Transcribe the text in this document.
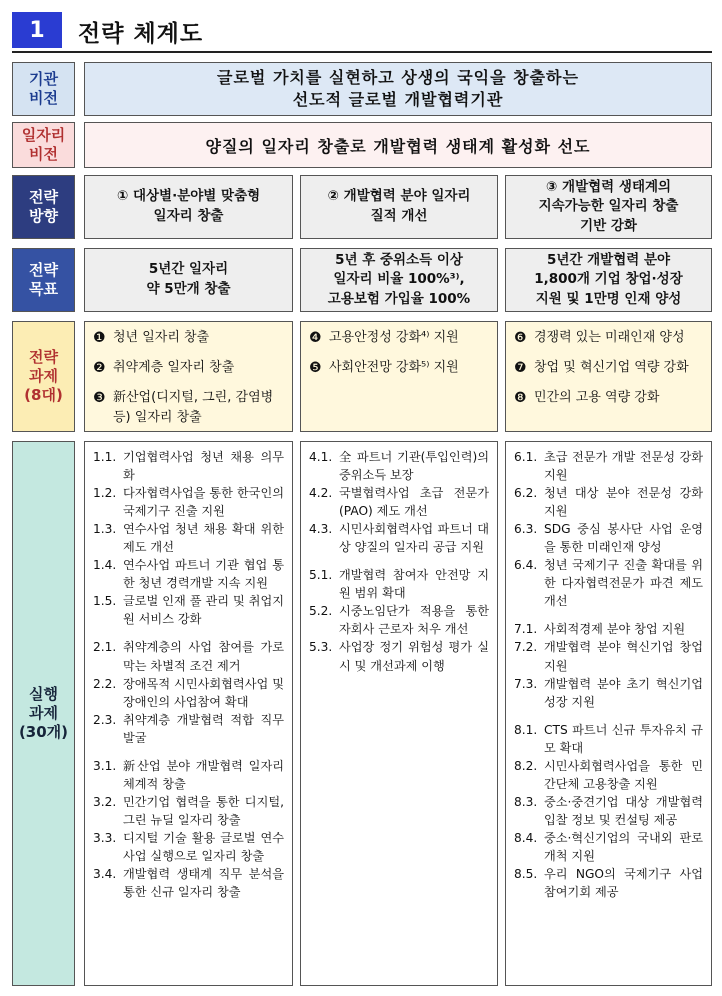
1	전략 체계도
기관
비전
글로벌 가치를 실현하고 상생의 국익을 창출하는
선도적 글로벌 개발협력기관
일자리
비전	양질의 일자리 창출로 개발협력 생태계 활성화 선도
전략
방향
① 대상별·분야별 맞춤형
일자리 창출
② 개발협력 분야 일자리
질적 개선
③ 개발협력 생태계의
지속가능한 일자리 창출
기반 강화
전략
목표
5년간 일자리
약 5만개 창출
5년 후 중위소득 이상
일자리 비율 100%³⁾,
고용보험 가입율 100%
5년간 개발협력 분야
1,800개 기업 창업·성장
지원 및 1만명 인재 양성
전략
과제
(8대)
❶ 청년 일자리 창출
❷ 취약계층 일자리 창출
❸ 新산업(디지털, 그린, 감염병 등) 일자리 창출
❹ 고용안정성 강화⁴⁾ 지원
❺ 사회안전망 강화⁵⁾ 지원
❻ 경쟁력 있는 미래인재 양성
❼ 창업 및 혁신기업 역량 강화
❽ 민간의 고용 역량 강화
실행
과제
(30개)
1.1. 기업협력사업 청년 채용 의무화
1.2. 다자협력사업을 통한 한국인의 국제기구 진출 지원
1.3. 연수사업 청년 채용 확대 위한 제도 개선
1.4. 연수사업 파트너 기관 협업 통한 청년 경력개발 지속 지원
1.5. 글로벌 인재 풀 관리 및 취업지원 서비스 강화
2.1. 취약계층의 사업 참여를 가로막는 차별적 조건 제거
2.2. 장애목적 시민사회협력사업 및 장애인의 사업참여 확대
2.3. 취약계층 개발협력 적합 직무 발굴
3.1. 新산업 분야 개발협력 일자리 체계적 창출
3.2. 민간기업 협력을 통한 디지털, 그린 뉴딜 일자리 창출
3.3. 디지털 기술 활용 글로벌 연수사업 실행으로 일자리 창출
3.4. 개발협력 생태계 직무 분석을 통한 신규 일자리 창출
4.1. 全 파트너 기관(투입인력)의 중위소득 보장
4.2. 국별협력사업 초급 전문가(PAO) 제도 개선
4.3. 시민사회협력사업 파트너 대상 양질의 일자리 공급 지원
5.1. 개발협력 참여자 안전망 지원 범위 확대
5.2. 시중노임단가 적용을 통한 자회사 근로자 처우 개선
5.3. 사업장 정기 위험성 평가 실시 및 개선과제 이행
6.1. 초급 전문가 개발 전문성 강화 지원
6.2. 청년 대상 분야 전문성 강화 지원
6.3. SDG 중심 봉사단 사업 운영을 통한 미래인재 양성
6.4. 청년 국제기구 진출 확대를 위한 다자협력전문가 파견 제도 개선
7.1. 사회적경제 분야 창업 지원
7.2. 개발협력 분야 혁신기업 창업 지원
7.3. 개발협력 분야 초기 혁신기업 성장 지원
8.1. CTS 파트너 신규 투자유치 규모 확대
8.2. 시민사회협력사업을 통한 민간단체 고용창출 지원
8.3. 중소·중견기업 대상 개발협력 입찰 정보 및 컨설팅 제공
8.4. 중소·혁신기업의 국내외 판로개척 지원
8.5. 우리 NGO의 국제기구 사업 참여기회 제공
